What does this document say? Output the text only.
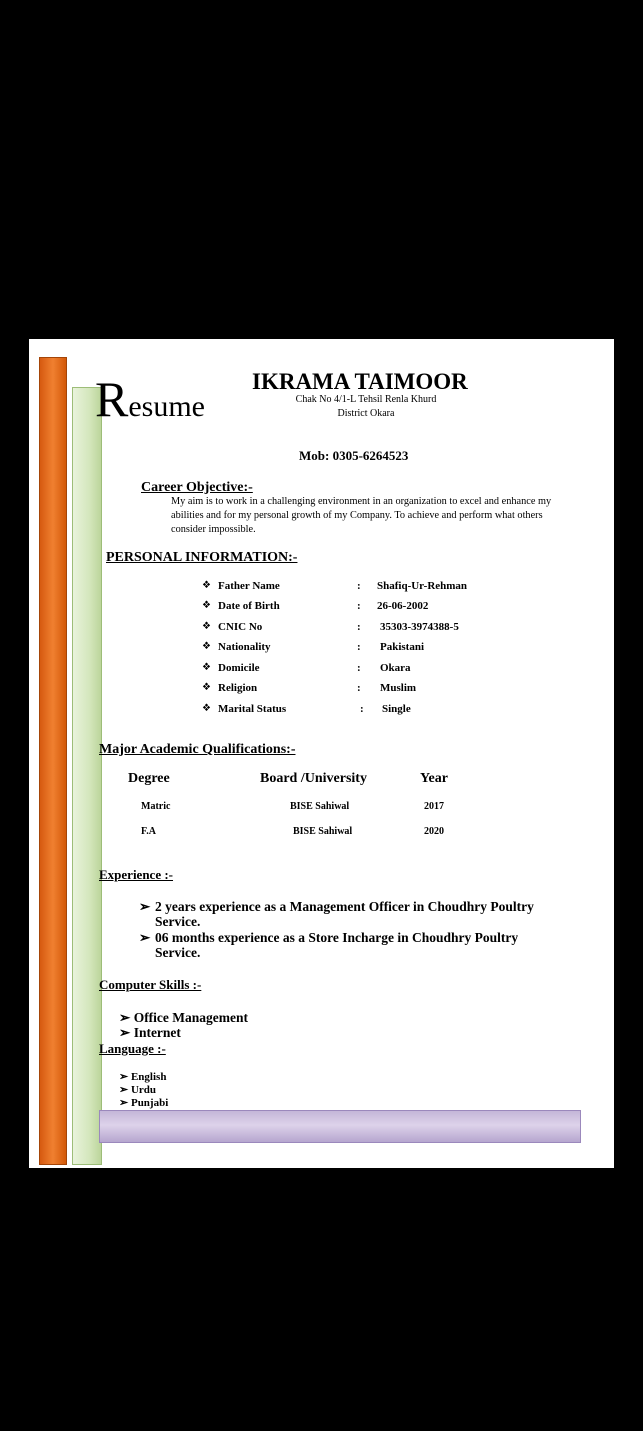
Resume
IKRAMA TAIMOOR
Chak No 4/1-L Tehsil Renla Khurd
District Okara
Mob: 0305-6264523
Career Objective:-
My aim is to work in a challenging environment in an organization to excel and enhance my abilities and for my personal growth of my Company. To achieve and perform what others consider impossible.
PERSONAL INFORMATION:-
❖ Father Name	: Shafiq-Ur-Rehman
❖ Date of Birth	: 26-06-2002
❖ CNIC No	: 35303-3974388-5
❖ Nationality	: Pakistani
❖ Domicile	: Okara
❖ Religion	: Muslim
❖ Marital Status	: Single
Major Academic Qualifications:-
Degree	Board /University	Year
Matric	BISE Sahiwal	2017
F.A	BISE Sahiwal	2020
Experience :-
➢ 2 years experience as a Management Officer in Choudhry Poultry Service.
➢ 06 months experience as a Store Incharge in Choudhry Poultry Service.
Computer Skills :-
➢ Office Management
➢ Internet
Language :-
➢ English
➢ Urdu
➢ Punjabi
